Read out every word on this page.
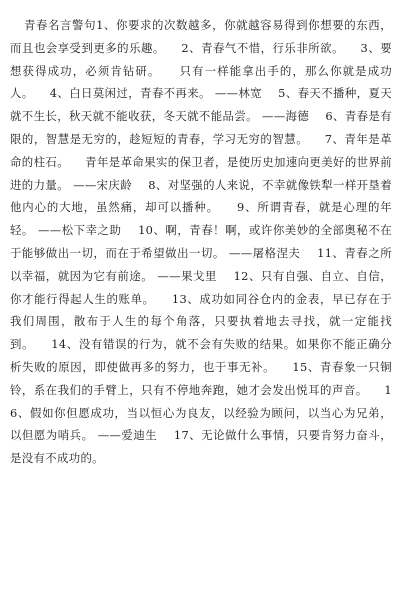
青春名言警句1、你要求的次数越多，你就越容易得到你想要的东西，而且也会享受到更多的乐趣。 2、青春气不惜，行乐非所欲。 3、要想获得成功，必须肯钻研。 只有一样能拿出手的，那么你就是成功人。 4、白日莫闲过，青春不再来。 ——林宽 5、春天不播种，夏天就不生长，秋天就不能收获，冬天就不能品尝。 ——海德 6、青春是有限的，智慧是无穷的，趁短短的青春，学习无穷的智慧。 7、青年是革命的柱石。 青年是革命果实的保卫者，是使历史加速向更美好的世界前进的力量。 ——宋庆龄 8、对坚强的人来说，不幸就像铁犁一样开垦着他内心的大地，虽然痛，却可以播种。 9、所谓青春，就是心理的年轻。 ——松下幸之助 10、啊，青春！啊，或许你美妙的全部奥秘不在于能够做出一切，而在于希望做出一切。 ——屠格涅夫 11、青春之所以幸福，就因为它有前途。 ——果戈里 12、只有自强、自立、自信，你才能行得起人生的账单。 13、成功如同谷仓内的金表，早已存在于我们周围，散布于人生的每个角落，只要执着地去寻找，就一定能找到。 14、没有错误的行为，就不会有失败的结果。如果你不能正确分析失败的原因，即使做再多的努力，也于事无补。 15、青春象一只铜铃，系在我们的手臂上，只有不停地奔跑，她才会发出悦耳的声音。 16、假如你但愿成功，当以恒心为良友，以经验为顾问，以当心为兄弟，以但愿为哨兵。 ——爱迪生 17、无论做什么事情，只要肯努力奋斗，是没有不成功的。
